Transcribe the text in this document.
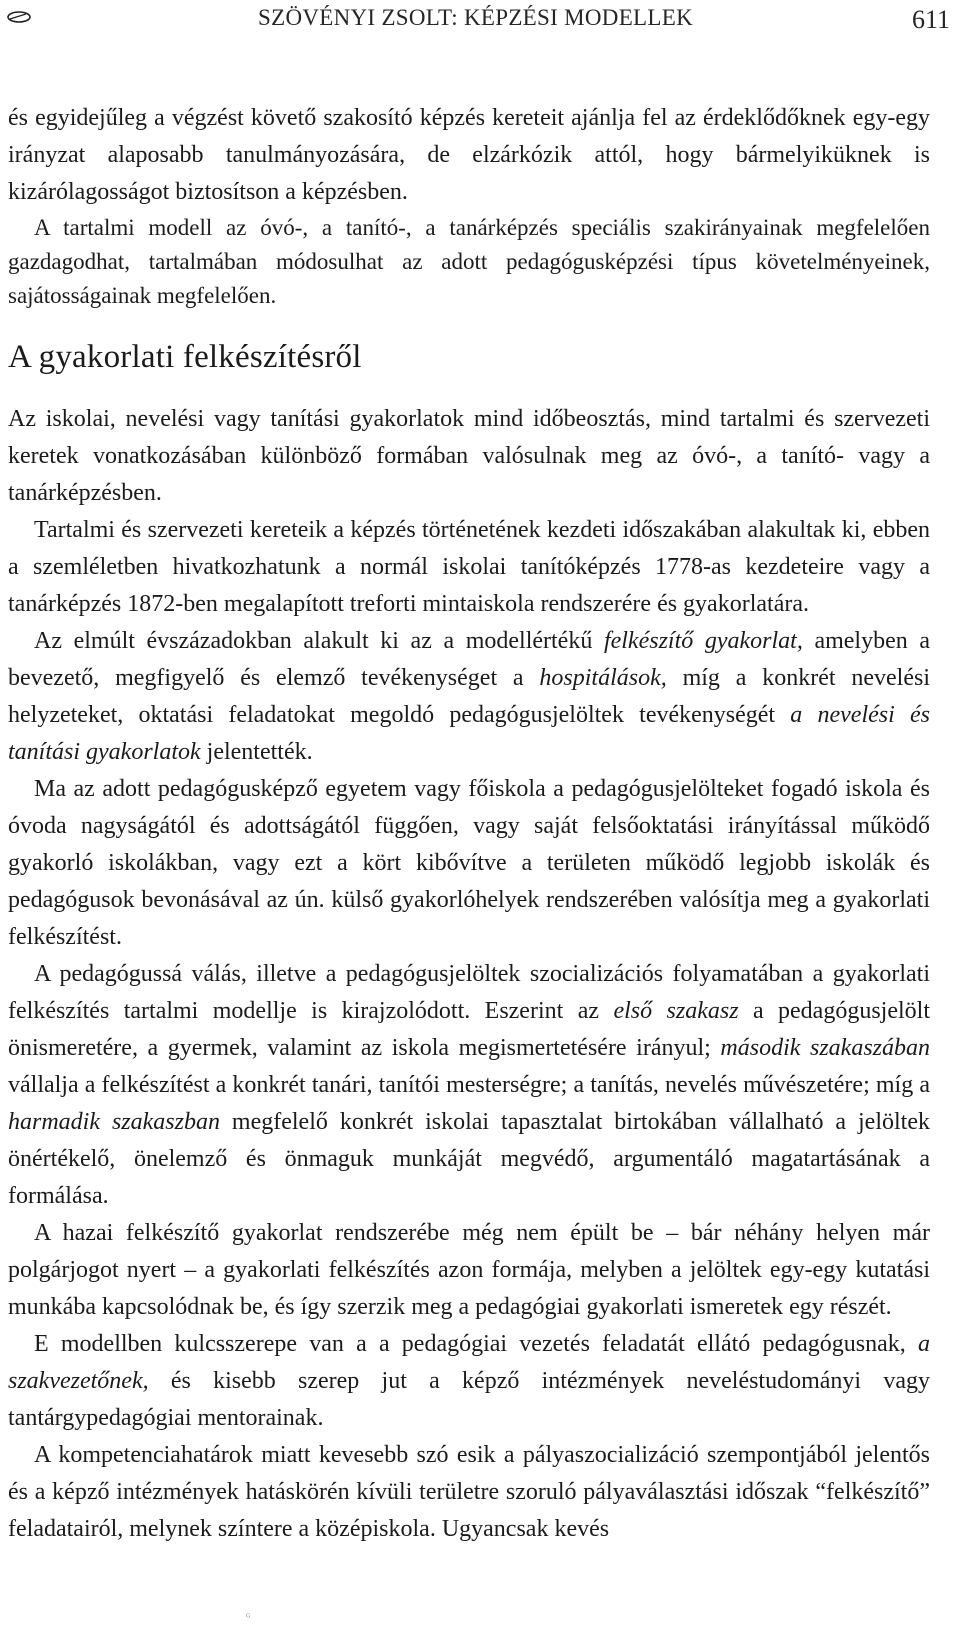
SZÖVÉNYI ZSOLT: KÉPZÉSI MODELLEK	611

és egyidejűleg a végzést követő szakosító képzés kereteit ajánlja fel az érdeklődőknek egy-egy irányzat alaposabb tanulmányozására, de elzárkózik attól, hogy bármelyiküknek is kizárólagosságot biztosítson a képzésben.

A tartalmi modell az óvó-, a tanító-, a tanárképzés speciális szakirányainak megfelelően gazdagodhat, tartalmában módosulhat az adott pedagógusképzési típus követelményeinek, sajátosságainak megfelelően.

A gyakorlati felkészítésről

Az iskolai, nevelési vagy tanítási gyakorlatok mind időbeosztás, mind tartalmi és szervezeti keretek vonatkozásában különböző formában valósulnak meg az óvó-, a tanító- vagy a tanárképzésben.

Tartalmi és szervezeti kereteik a képzés történetének kezdeti időszakában alakultak ki, ebben a szemléletben hivatkozhatunk a normál iskolai tanítóképzés 1778-as kezdeteire vagy a tanárképzés 1872-ben megalapított treforti mintaiskola rendszerére és gyakorlatára.

Az elmúlt évszázadokban alakult ki az a modellértékű felkészítő gyakorlat, amelyben a bevezető, megfigyelő és elemző tevékenységet a hospitálások, míg a konkrét nevelési helyzeteket, oktatási feladatokat megoldó pedagógusjelöltek tevékenységét a nevelési és tanítási gyakorlatok jelentették.

Ma az adott pedagógusképző egyetem vagy főiskola a pedagógusjelölteket fogadó iskola és óvoda nagyságától és adottságától függően, vagy saját felsőoktatási irányítással működő gyakorló iskolákban, vagy ezt a kört kibővítve a területen működő legjobb iskolák és pedagógusok bevonásával az ún. külső gyakorlóhelyek rendszerében valósítja meg a gyakorlati felkészítést.

A pedagógussá válás, illetve a pedagógusjelöltek szocializációs folyamatában a gyakorlati felkészítés tartalmi modellje is kirajzolódott. Eszerint az első szakasz a pedagógusjelölt önismeretére, a gyermek, valamint az iskola megismertetésére irányul; második szakaszában vállalja a felkészítést a konkrét tanári, tanítói mesterségre; a tanítás, nevelés művészetére; míg a harmadik szakaszban megfelelő konkrét iskolai tapasztalat birtokában vállalható a jelöltek önértékelő, önelemző és önmaguk munkáját megvédő, argumentáló magatartásának a formálása.

A hazai felkészítő gyakorlat rendszerébe még nem épült be – bár néhány helyen már polgárjogot nyert – a gyakorlati felkészítés azon formája, melyben a jelöltek egy-egy kutatási munkába kapcsolódnak be, és így szerzik meg a pedagógiai gyakorlati ismeretek egy részét.

E modellben kulcsszerepe van a a pedagógiai vezetés feladatát ellátó pedagógusnak, a szakvezetőnek, és kisebb szerep jut a képző intézmények neveléstudományi vagy tantárgypedagógiai mentorainak.

A kompetenciahatárok miatt kevesebb szó esik a pályaszocializáció szempontjából jelentős és a képző intézmények hatáskörén kívüli területre szoruló pályaválasztási időszak “felkészítő” feladatairól, melynek színtere a középiskola. Ugyancsak kevés

ᴳ
